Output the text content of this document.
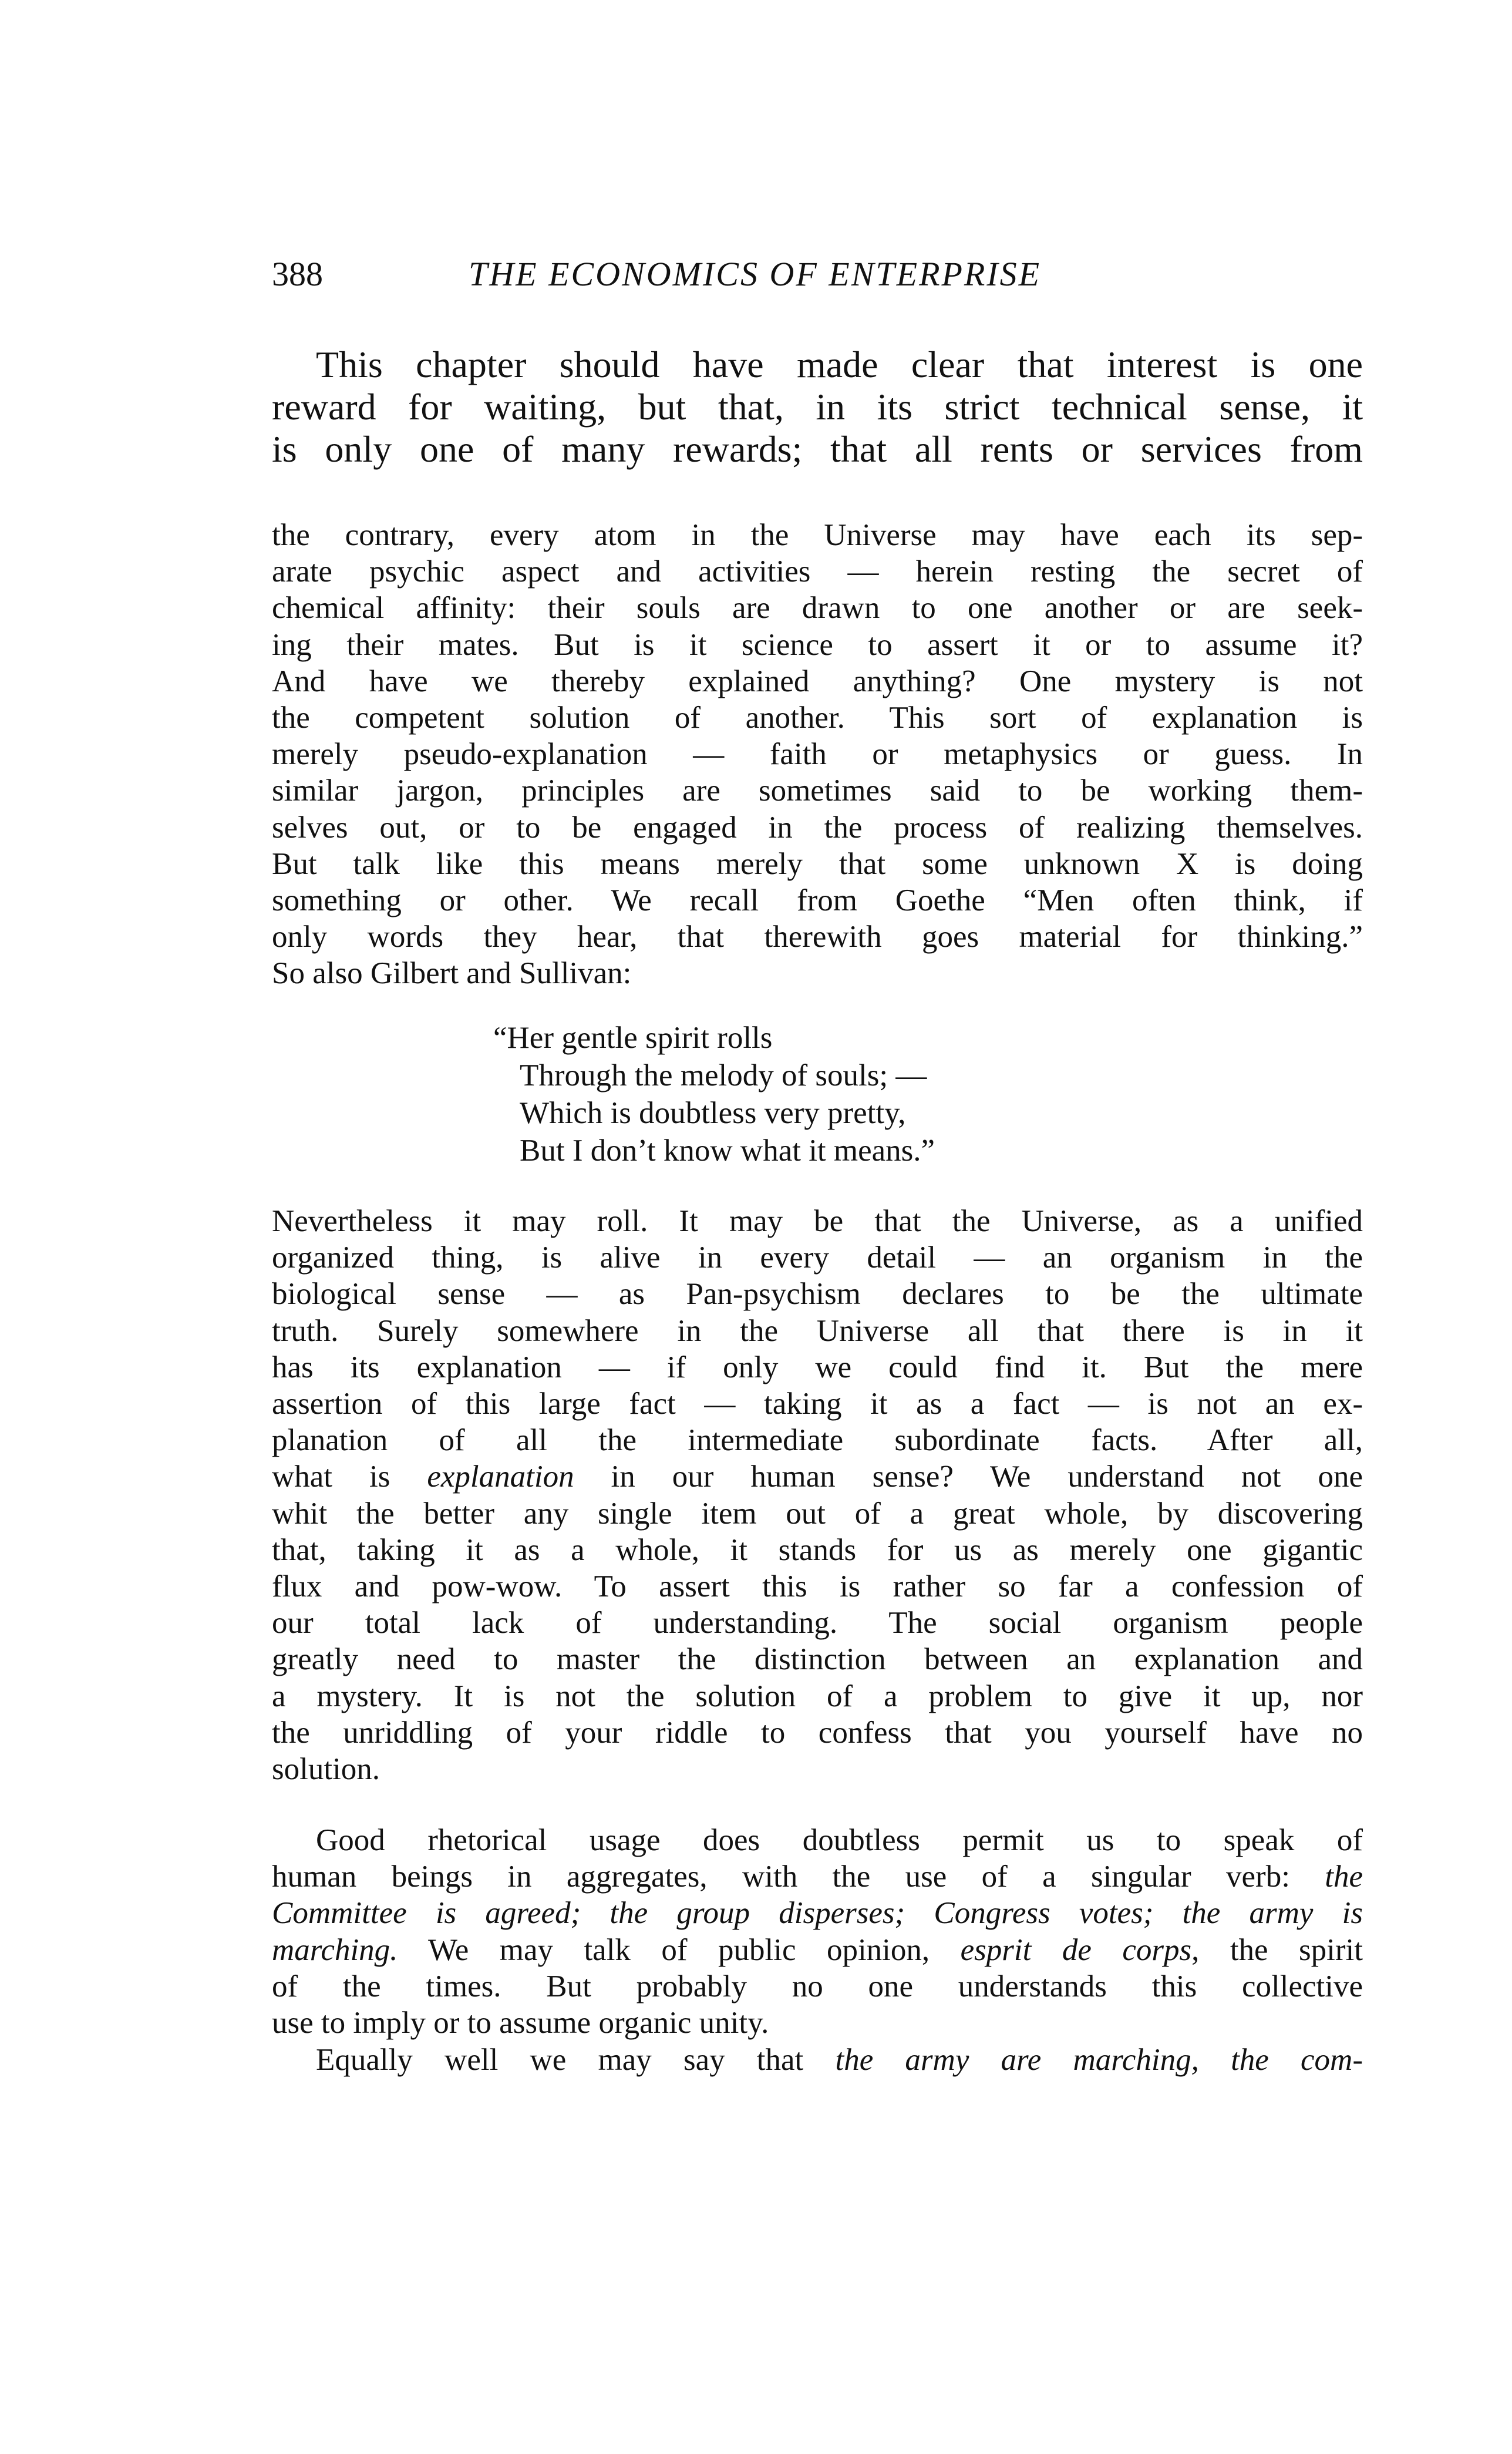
388	THE ECONOMICS OF ENTERPRISE
This chapter should have made clear that interest is one
reward for waiting, but that, in its strict technical sense, it
is only one of many rewards; that all rents or services from
the contrary, every atom in the Universe may have each its sep-
arate psychic aspect and activities — herein resting the secret of
chemical affinity: their souls are drawn to one another or are seek-
ing their mates. But is it science to assert it or to assume it?
And have we thereby explained anything? One mystery is not
the competent solution of another. This sort of explanation is
merely pseudo-explanation — faith or metaphysics or guess. In
similar jargon, principles are sometimes said to be working them-
selves out, or to be engaged in the process of realizing themselves.
But talk like this means merely that some unknown X is doing
something or other. We recall from Goethe “Men often think, if
only words they hear, that therewith goes material for thinking.”
So also Gilbert and Sullivan:
“Her gentle spirit rolls
Through the melody of souls; —
Which is doubtless very pretty,
But I don’t know what it means.”
Nevertheless it may roll. It may be that the Universe, as a unified
organized thing, is alive in every detail — an organism in the
biological sense — as Pan-psychism declares to be the ultimate
truth. Surely somewhere in the Universe all that there is in it
has its explanation — if only we could find it. But the mere
assertion of this large fact — taking it as a fact — is not an ex-
planation of all the intermediate subordinate facts. After all,
what is explanation in our human sense? We understand not one
whit the better any single item out of a great whole, by discovering
that, taking it as a whole, it stands for us as merely one gigantic
flux and pow-wow. To assert this is rather so far a confession of
our total lack of understanding. The social organism people
greatly need to master the distinction between an explanation and
a mystery. It is not the solution of a problem to give it up, nor
the unriddling of your riddle to confess that you yourself have no
solution.
Good rhetorical usage does doubtless permit us to speak of
human beings in aggregates, with the use of a singular verb: the
Committee is agreed; the group disperses; Congress votes; the army is
marching. We may talk of public opinion, esprit de corps, the spirit
of the times. But probably no one understands this collective
use to imply or to assume organic unity.
Equally well we may say that the army are marching, the com-
